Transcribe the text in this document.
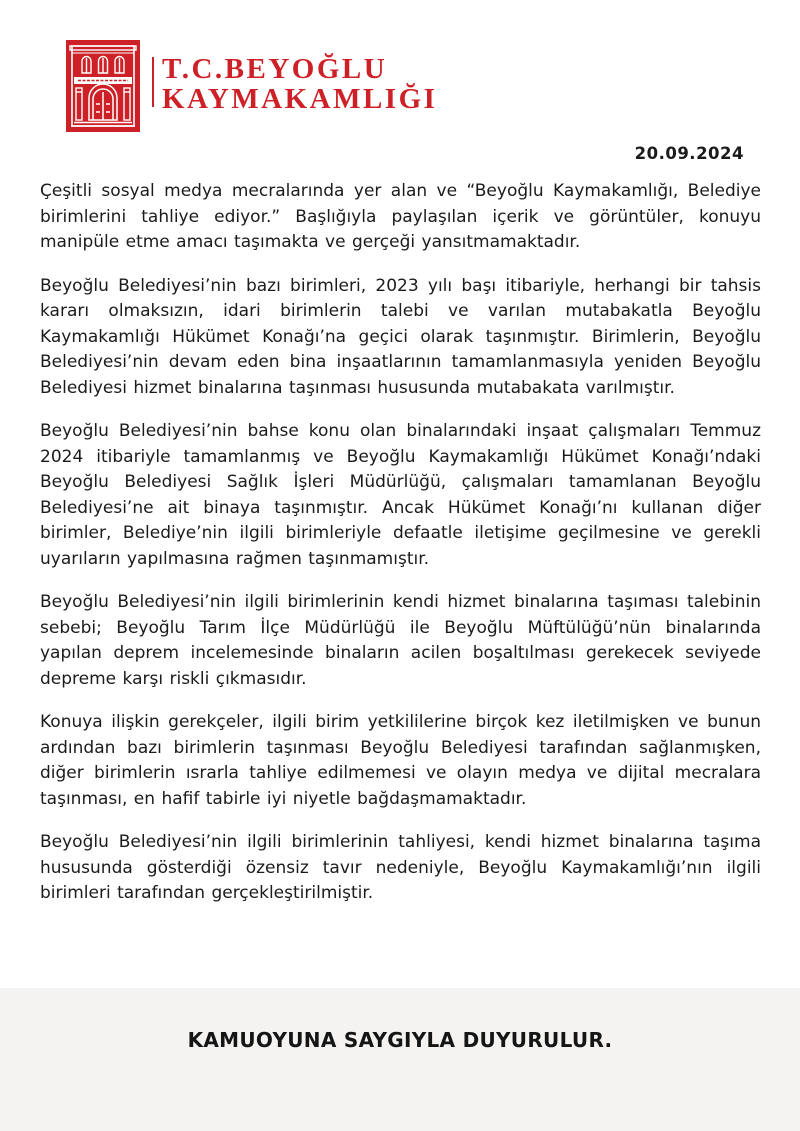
T.C.BEYOĞLU
KAYMAKAMLIĞI
20.09.2024

Çeşitli sosyal medya mecralarında yer alan ve “Beyoğlu Kaymakamlığı, Belediye birimlerini tahliye ediyor.” Başlığıyla paylaşılan içerik ve görüntüler, konuyu manipüle etme amacı taşımakta ve gerçeği yansıtmamaktadır.

Beyoğlu Belediyesi’nin bazı birimleri, 2023 yılı başı itibariyle, herhangi bir tahsis kararı olmaksızın, idari birimlerin talebi ve varılan mutabakatla Beyoğlu Kaymakamlığı Hükümet Konağı’na geçici olarak taşınmıştır. Birimlerin, Beyoğlu Belediyesi’nin devam eden bina inşaatlarının tamamlanmasıyla yeniden Beyoğlu Belediyesi hizmet binalarına taşınması hususunda mutabakata varılmıştır.

Beyoğlu Belediyesi’nin bahse konu olan binalarındaki inşaat çalışmaları Temmuz 2024 itibariyle tamamlanmış ve Beyoğlu Kaymakamlığı Hükümet Konağı’ndaki Beyoğlu Belediyesi Sağlık İşleri Müdürlüğü, çalışmaları tamamlanan Beyoğlu Belediyesi’ne ait binaya taşınmıştır. Ancak Hükümet Konağı’nı kullanan diğer birimler, Belediye’nin ilgili birimleriyle defaatle iletişime geçilmesine ve gerekli uyarıların yapılmasına rağmen taşınmamıştır.

Beyoğlu Belediyesi’nin ilgili birimlerinin kendi hizmet binalarına taşıması talebinin sebebi; Beyoğlu Tarım İlçe Müdürlüğü ile Beyoğlu Müftülüğü’nün binalarında yapılan deprem incelemesinde binaların acilen boşaltılması gerekecek seviyede depreme karşı riskli çıkmasıdır.

Konuya ilişkin gerekçeler, ilgili birim yetkililerine birçok kez iletilmişken ve bunun ardından bazı birimlerin taşınması Beyoğlu Belediyesi tarafından sağlanmışken, diğer birimlerin ısrarla tahliye edilmemesi ve olayın medya ve dijital mecralara taşınması, en hafif tabirle iyi niyetle bağdaşmamaktadır.

Beyoğlu Belediyesi’nin ilgili birimlerinin tahliyesi, kendi hizmet binalarına taşıma hususunda gösterdiği özensiz tavır nedeniyle, Beyoğlu Kaymakamlığı’nın ilgili birimleri tarafından gerçekleştirilmiştir.

KAMUOYUNA SAYGIYLA DUYURULUR.
